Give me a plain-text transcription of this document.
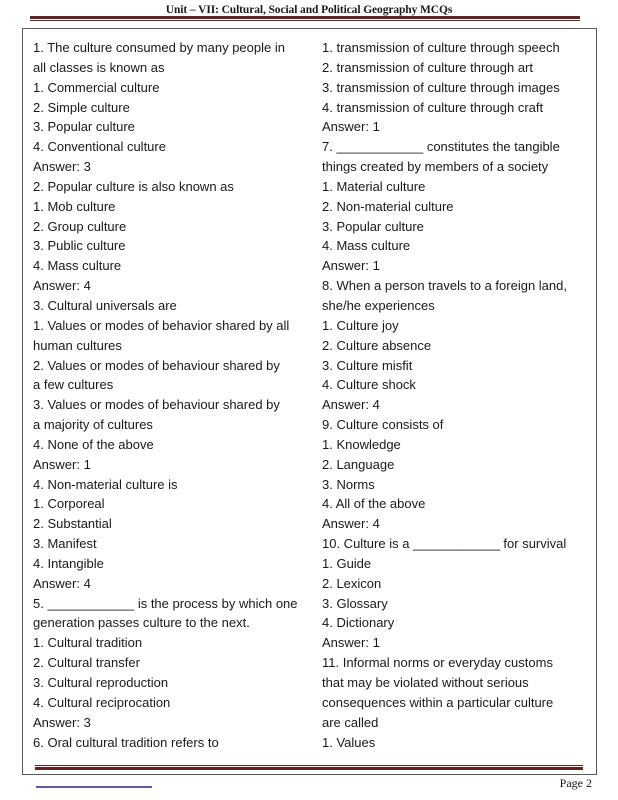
Unit – VII: Cultural, Social and Political Geography MCQs
1. The culture consumed by many people in
all classes is known as
1. Commercial culture
2. Simple culture
3. Popular culture
4. Conventional culture
Answer: 3
2. Popular culture is also known as
1. Mob culture
2. Group culture
3. Public culture
4. Mass culture
Answer: 4
3. Cultural universals are
1. Values or modes of behavior shared by all
human cultures
2. Values or modes of behaviour shared by
a few cultures
3. Values or modes of behaviour shared by
a majority of cultures
4. None of the above
Answer: 1
4. Non-material culture is
1. Corporeal
2. Substantial
3. Manifest
4. Intangible
Answer: 4
5. ____________ is the process by which one
generation passes culture to the next.
1. Cultural tradition
2. Cultural transfer
3. Cultural reproduction
4. Cultural reciprocation
Answer: 3
6. Oral cultural tradition refers to
1. transmission of culture through speech
2. transmission of culture through art
3. transmission of culture through images
4. transmission of culture through craft
Answer: 1
7. ____________ constitutes the tangible
things created by members of a society
1. Material culture
2. Non-material culture
3. Popular culture
4. Mass culture
Answer: 1
8. When a person travels to a foreign land,
she/he experiences
1. Culture joy
2. Culture absence
3. Culture misfit
4. Culture shock
Answer: 4
9. Culture consists of
1. Knowledge
2. Language
3. Norms
4. All of the above
Answer: 4
10. Culture is a ____________ for survival
1. Guide
2. Lexicon
3. Glossary
4. Dictionary
Answer: 1
11. Informal norms or everyday customs
that may be violated without serious
consequences within a particular culture
are called
1. Values
Page 2
